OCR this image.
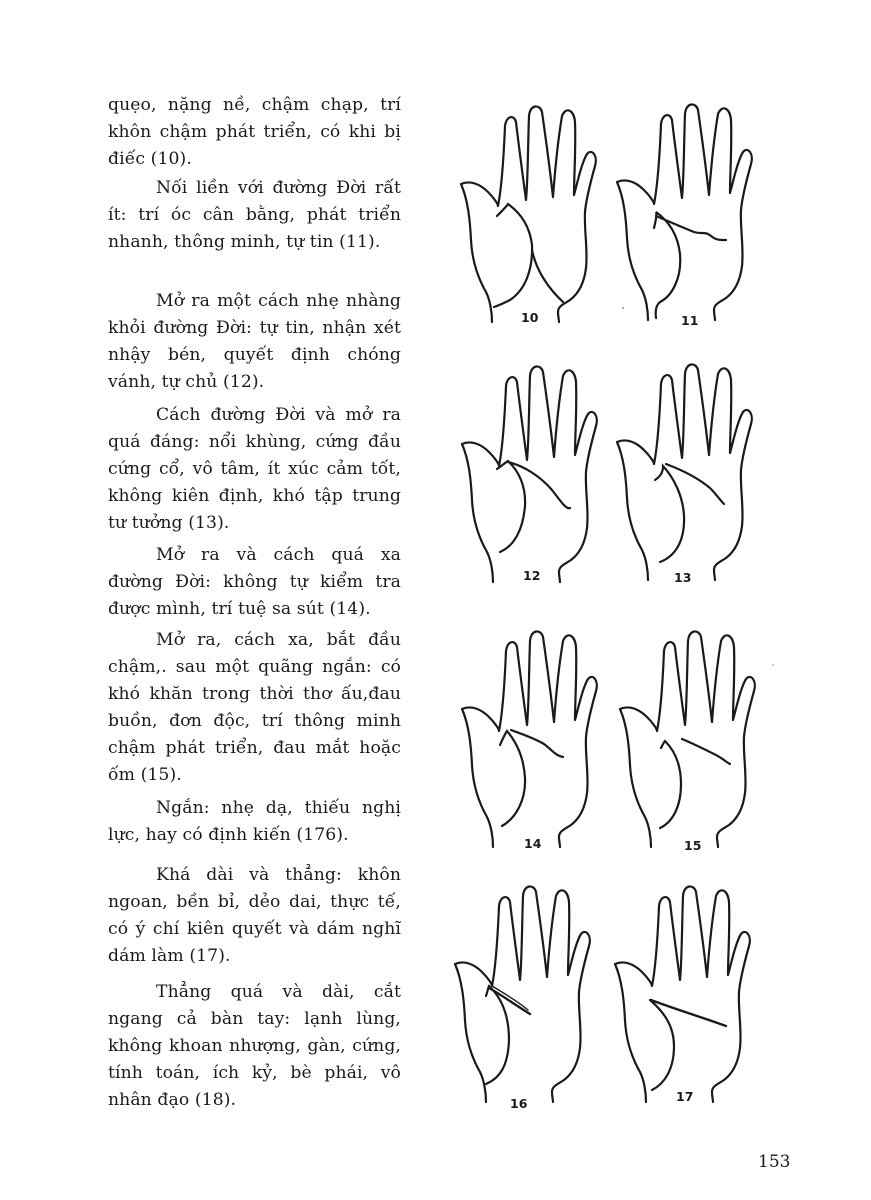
quẹo, nặng nề, chậm chạp, trí khôn chậm phát triển, có khi bị điếc (10).

Nối liền với đường Đời rất ít: trí óc cân bằng, phát triển nhanh, thông minh, tự tin (11).

Mở ra một cách nhẹ nhàng khỏi đường Đời: tự tin, nhận xét nhậy bén, quyết định chóng vánh, tự chủ (12).

Cách đường Đời và mở ra quá đáng: nổi khùng, cứng đầu cứng cổ, vô tâm, ít xúc cảm tốt, không kiên định, khó tập trung tư tưởng (13).

Mở ra và cách quá xa đường Đời: không tự kiểm tra được mình, trí tuệ sa sút (14).

Mở ra, cách xa, bắt đầu chậm,. sau một quãng ngắn: có khó khăn trong thời thơ ấu,đau buồn, đơn độc, trí thông minh chậm phát triển, đau mắt hoặc ốm (15).

Ngắn: nhẹ dạ, thiếu nghị lực, hay có định kiến (176).

Khá dài và thẳng: khôn ngoan, bền bỉ, dẻo dai, thực tế, có ý chí kiên quyết và dám nghĩ dám làm (17).

Thẳng quá và dài, cắt ngang cả bàn tay: lạnh lùng, không khoan nhượng, gàn, cứng, tính toán, ích kỷ, bè phái, vô nhân đạo (18).

10	11
12	13
14	15
16	17

153
